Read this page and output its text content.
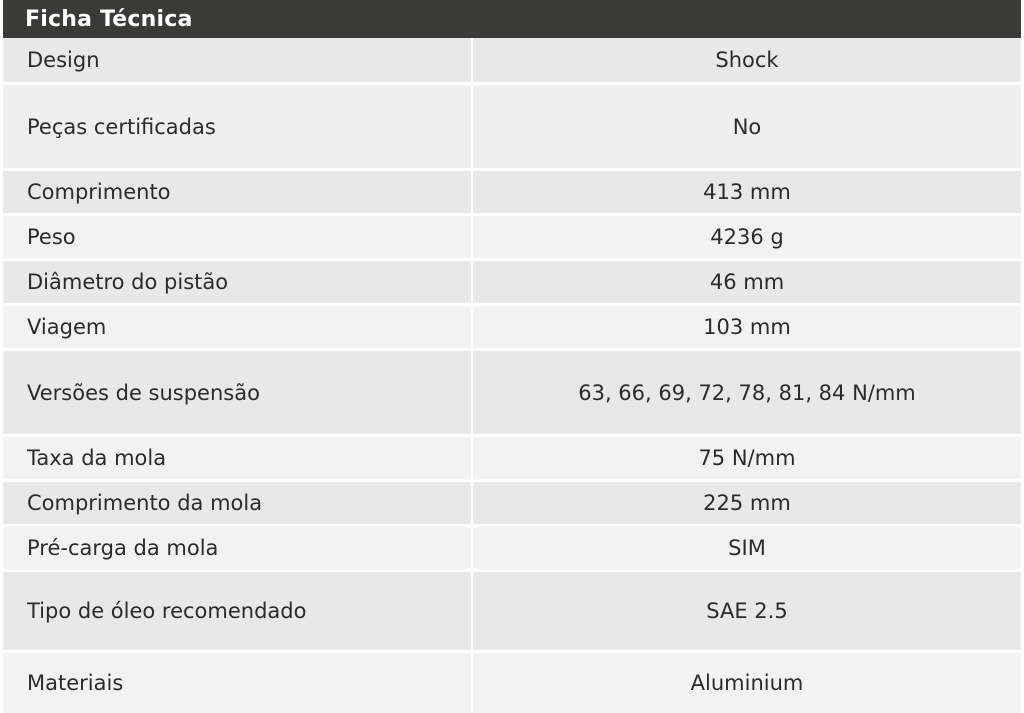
Ficha Técnica
Design	Shock
Peças certificadas	No
Comprimento	413 mm
Peso	4236 g
Diâmetro do pistão	46 mm
Viagem	103 mm
Versões de suspensão	63, 66, 69, 72, 78, 81, 84 N/mm
Taxa da mola	75 N/mm
Comprimento da mola	225 mm
Pré-carga da mola	SIM
Tipo de óleo recomendado	SAE 2.5
Materiais	Aluminium
